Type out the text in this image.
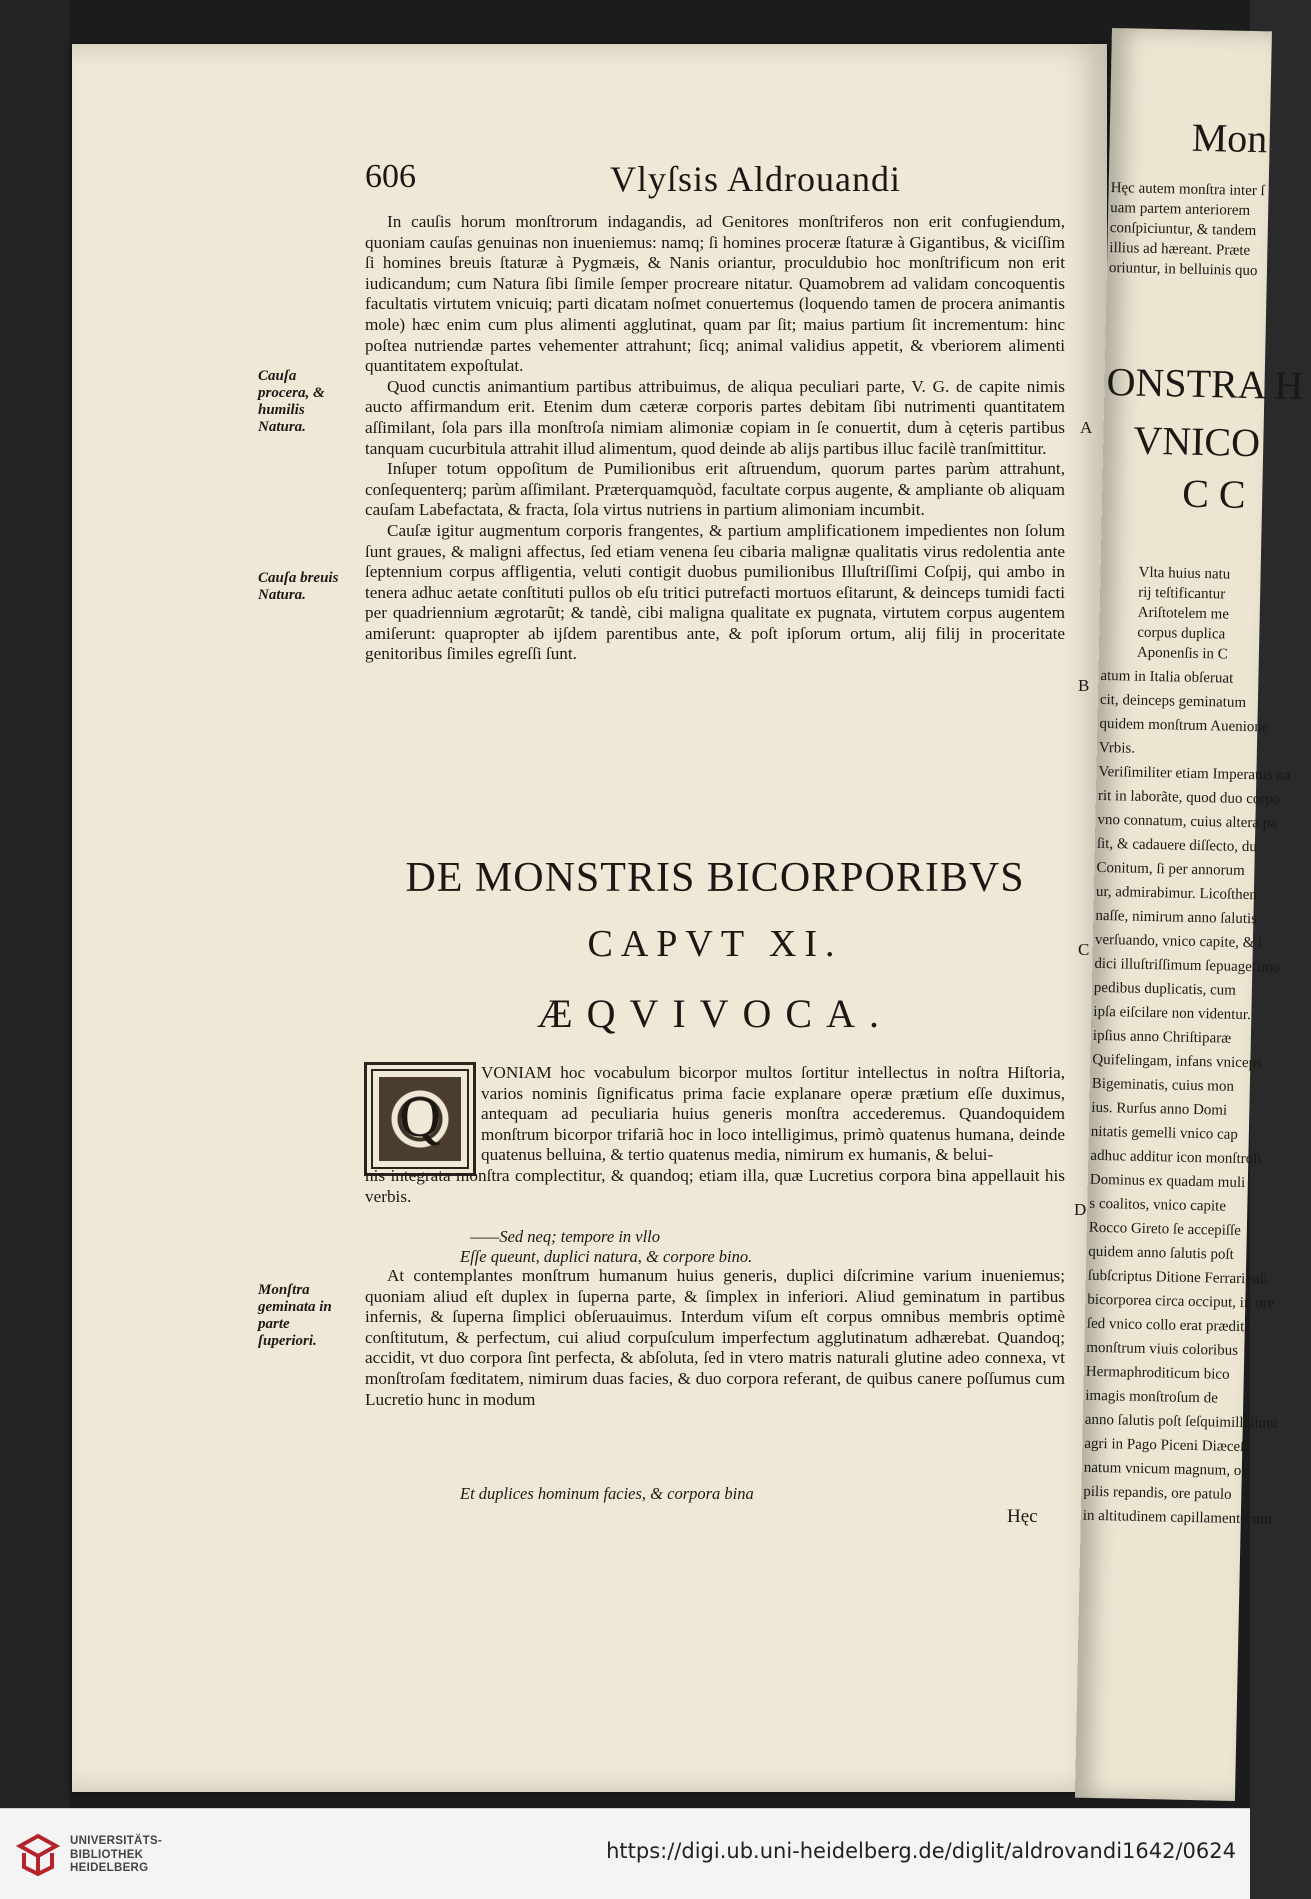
606	Vlyſsis Aldrouandi

In cauſis horum monſtrorum indagandis, ad Genitores monſtriferos non erit confugiendum, quoniam cauſas genuinas non inueniemus: namq; ſi homines proceræ ſtaturæ à Gigantibus, & viciſſim ſi homines breuis ſtaturæ à Pygmæis, & Nanis oriantur, proculdubio hoc monſtrificum non erit iudicandum; cum Natura ſibi ſimile ſemper procreare nitatur. Quamobrem ad validam concoquentis facultatis virtutem vnicuiq; parti dicatam noſmet conuertemus (loquendo tamen de procera animantis mole) hæc enim cum plus alimenti agglutinat, quam par ſit; maius partium ſit incrementum: hinc poſtea nutriendæ partes vehementer attrahunt; ſicq; animal validius appetit, & vberiorem alimenti quantitatem expoſtulat.

Quod cunctis animantium partibus attribuimus, de aliqua peculiari parte, V. G. de capite nimis aucto affirmandum erit. Etenim dum cæteræ corporis partes debitam ſibi nutrimenti quantitatem aſſimilant, ſola pars illa monſtroſa nimiam alimoniæ copiam in ſe conuertit, dum à cęteris partibus tanquam cucurbitula attrahit illud alimentum, quod deinde ab alijs partibus illuc facilè tranſmittitur.

Inſuper totum oppoſitum de Pumilionibus erit aſtruendum, quorum partes parùm attrahunt, conſequenterq; parùm aſſimilant. Præterquamquòd, facultate corpus augente, & ampliante ob aliquam cauſam Labefactata, & fracta, ſola virtus nutriens in partium alimoniam incumbit.

Cauſæ igitur augmentum corporis frangentes, & partium amplificationem impedientes non ſolum ſunt graues, & maligni affectus, ſed etiam venena ſeu cibaria malignæ qualitatis virus redolentia ante ſeptennium corpus affligentia, veluti contigit duobus pumilionibus Illuſtriſſimi Coſpij, qui ambo in tenera adhuc aetate conſtituti pullos ob eſu tritici putrefacti mortuos eſitarunt, & deinceps tumidi facti per quadriennium ægrotarũt; & tandè, cibi maligna qualitate ex pugnata, virtutem corpus augentem amiſerunt: quapropter ab ijſdem parentibus ante, & poſt ipſorum ortum, alij filij in proceritate genitoribus ſimiles egreſſi ſunt.

Cauſa procera, & humilis Natura.
Cauſa breuis Natura.
Monſtra geminata in parte ſuperiori.
A
B
C
D
DE MONSTRIS BICORPORIBVS
CAPVT XI.
ÆQVIVOCA.
Q

VONIAM hoc vocabulum bicorpor multos ſortitur intellectus in noſtra Hiſtoria, varios nominis ſignificatus prima facie explanare operæ prætium eſſe duximus, antequam ad peculiaria huius generis monſtra accederemus. Quandoquidem monſtrum bicorpor trifariã hoc in loco intelligimus, primò quatenus humana, deinde quatenus belluina, & tertio quatenus media, nimirum ex humanis, & belui-

nis integrata monſtra complectitur, & quandoq; etiam illa, quæ Lucretius corpora bina appellauit his verbis.

——Sed neq; tempore in vllo
Eſſe queunt, duplici natura, & corpore bino.

At contemplantes monſtrum humanum huius generis, duplici diſcrimine varium inueniemus; quoniam aliud eſt duplex in ſuperna parte, & ſimplex in inferiori. Aliud geminatum in partibus infernis, & ſuperna ſimplici obſeruauimus. Interdum viſum eſt corpus omnibus membris optimè conſtitutum, & perfectum, cui aliud corpuſculum imperfectum agglutinatum adhærebat. Quandoq; accidit, vt duo corpora ſint perfecta, & abſoluta, ſed in vtero matris naturali glutine adeo connexa, vt monſtroſam fœditatem, nimirum duas facies, & duo corpora referant, de quibus canere poſſumus cum Lucretio hunc in modum

Et duplices hominum facies, & corpora bina
Hęc
Mon
Hęc autem monſtra inter ſ
uam partem anteriorem
conſpiciuntur, & tandem
illius ad hæreant. Præte
oriuntur, in belluinis quo
ONSTRA H
VNICO
C C
Vlta huius natu
rij teſtificantur
Ariſtotelem me
corpus duplica
Aponenſis in C
atum in Italia obſeruat
cit, deinceps geminatum
quidem monſtrum Auenione
Vrbis.
Veriſimiliter etiam Imperatus na
rit in laborãte, quod duo corpo
vno connatum, cuius altera pa
ſit, & cadauere diſſecto, du
Conitum, ſi per annorum
ur, admirabimur. Licoſthen
naſſe, nimirum anno ſalutis
verſuando, vnico capite, & i
dici illuſtriſſimum ſepuagefimo
pedibus duplicatis, cum
ipſa eiſcilare non videntur.
ipſius anno Chriſtiparæ
Quifelingam, infans vniceps
Bigeminatis, cuius mon
ius. Rurſus anno Domi
nitatis gemelli vnico cap
adhuc additur icon monſtroſi
Dominus ex quadam muli
s coalitos, vnico capite
Rocco Gireto ſe accepiſſe
quidem anno ſalutis poſt
ſubſcriptus Ditione Ferrarienſi
bicorporea circa occiput, in ore
ſed vnico collo erat prædita
monſtrum viuis coloribus
Hermaphroditicum bico
imagis monſtroſum de
anno ſalutis poſt ſeſquimilleſimu
agri in Pago Piceni Diæceſ
natum vnicum magnum, oc
pilis repandis, ore patulo
in altitudinem capillamentorum
UNIVERSITÄTS-
BIBLIOTHEK
HEIDELBERG
https://digi.ub.uni-heidelberg.de/diglit/aldrovandi1642/0624
